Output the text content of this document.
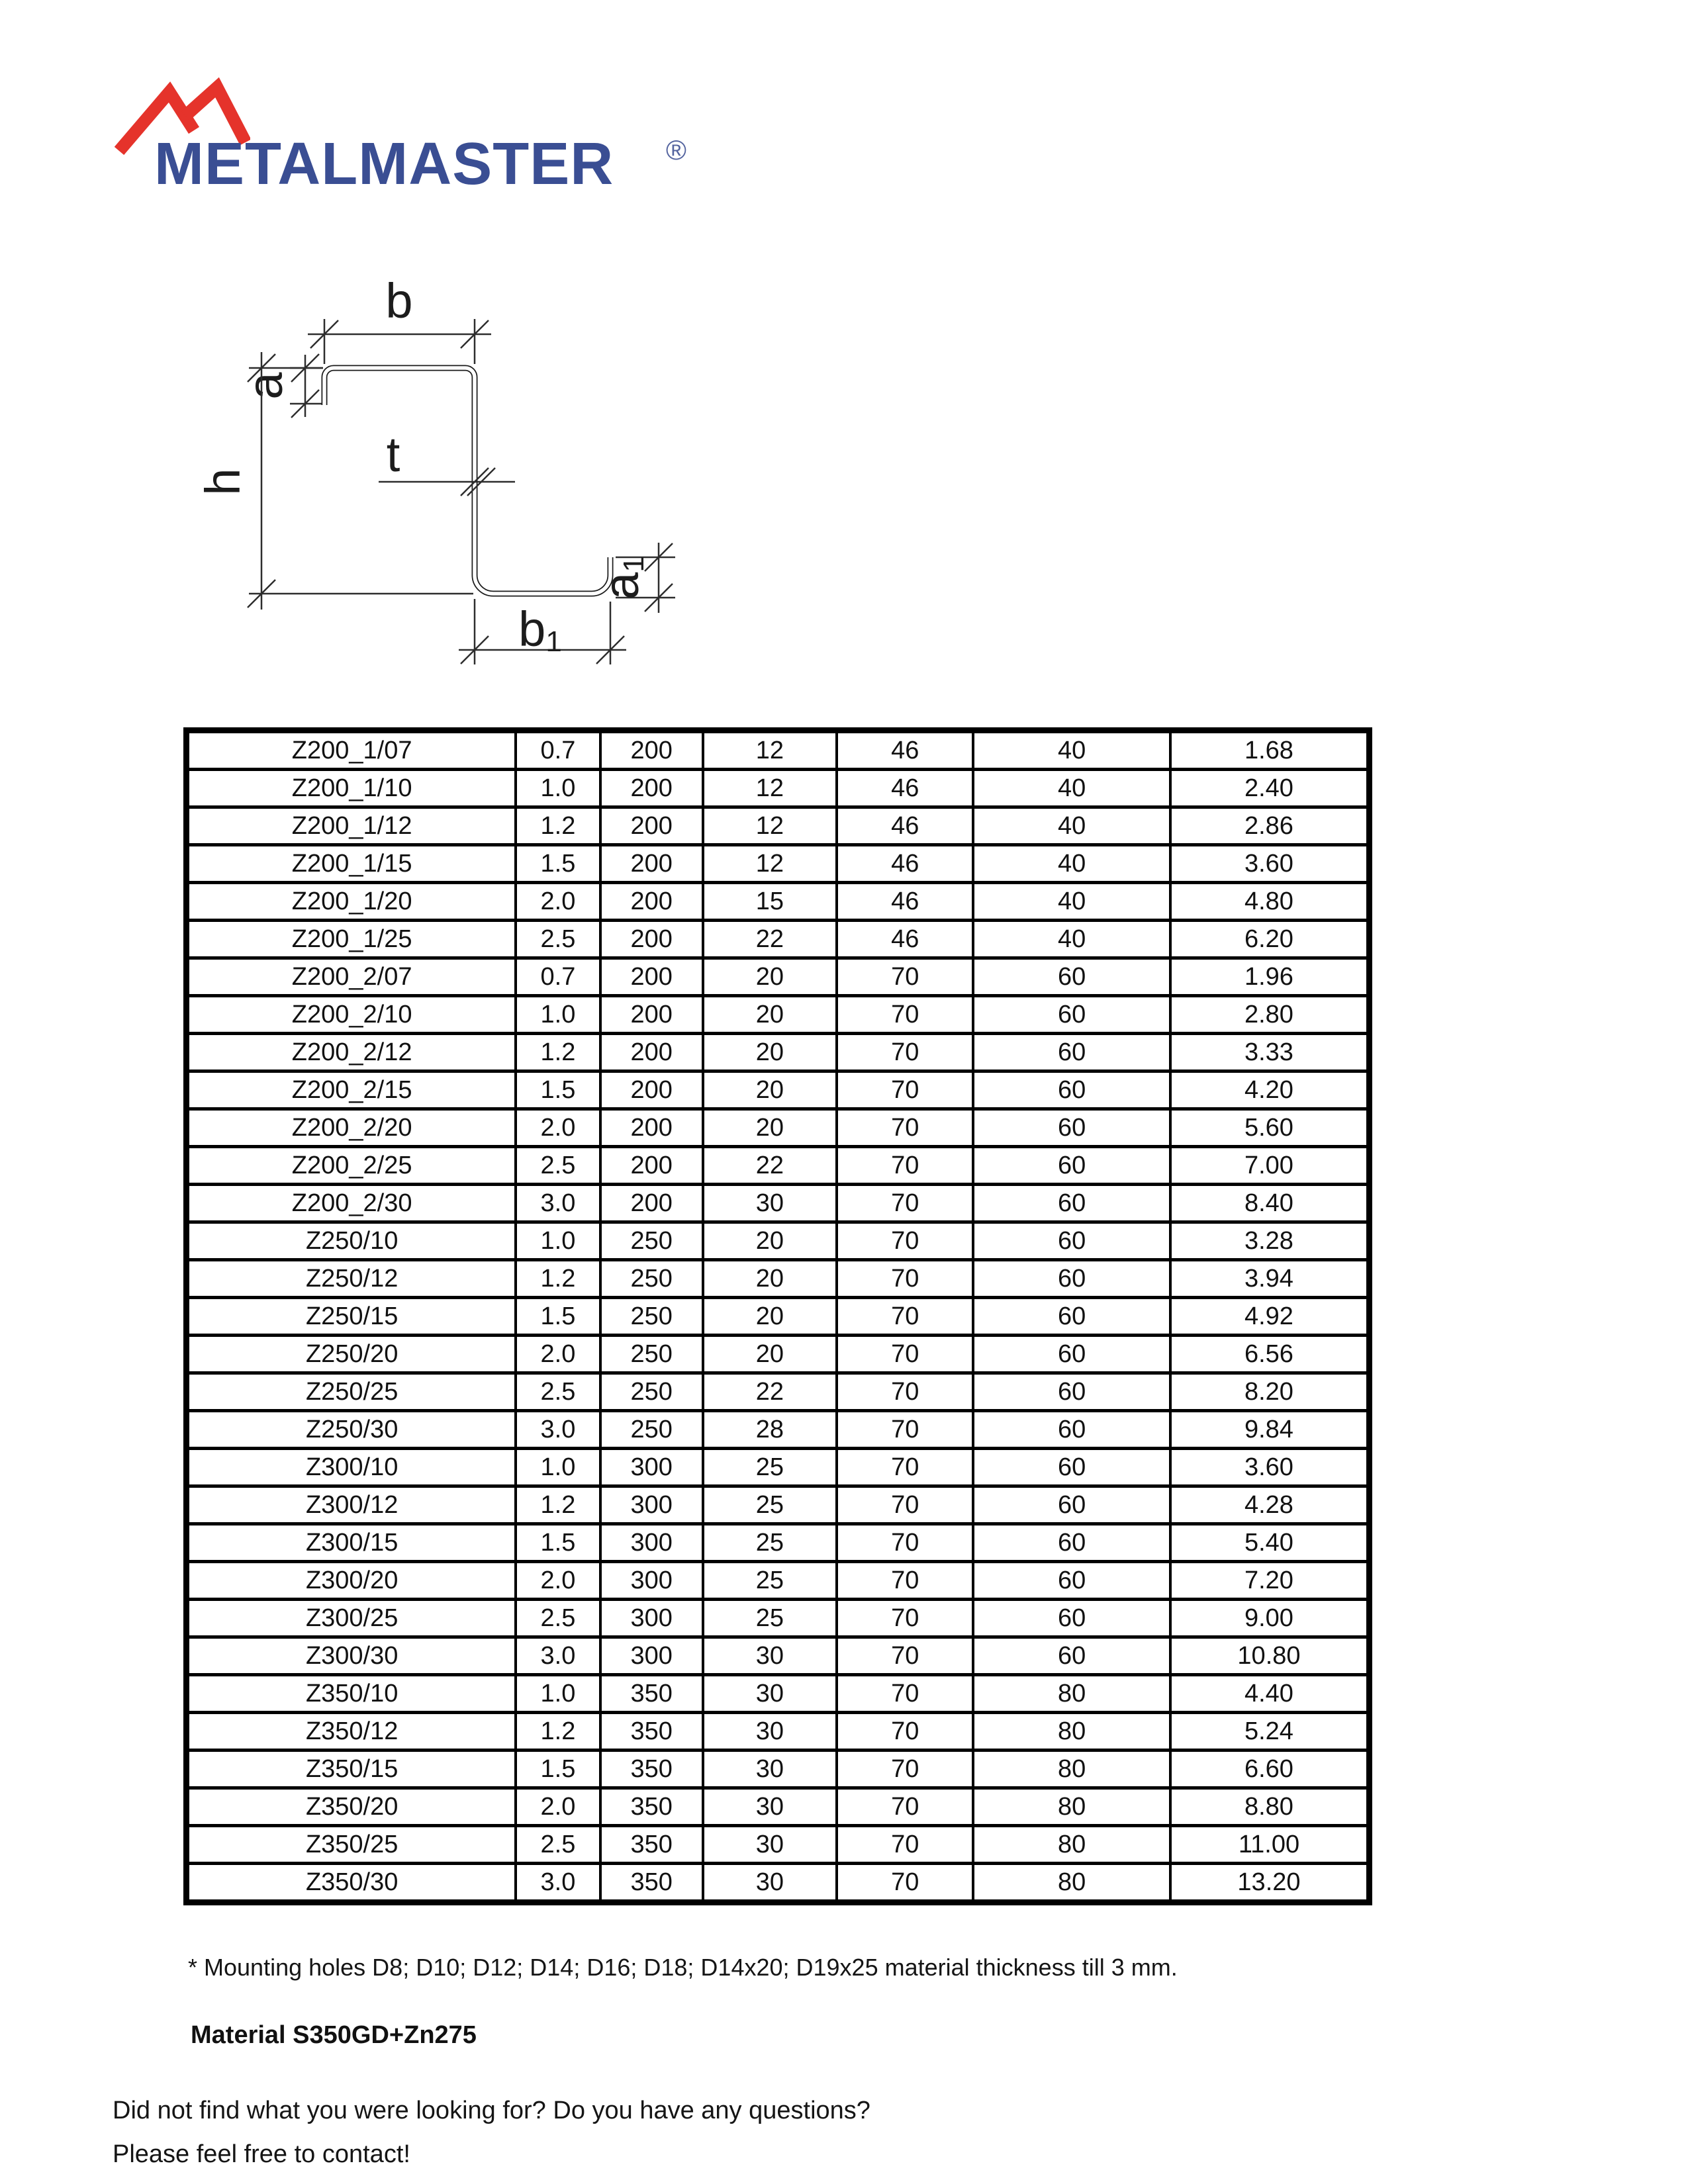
METALMASTER ®
b
a
h	t
a1
b1
Z200_1/07	0.7	200	12	46	40	1.68
Z200_1/10	1.0	200	12	46	40	2.40
Z200_1/12	1.2	200	12	46	40	2.86
Z200_1/15	1.5	200	12	46	40	3.60
Z200_1/20	2.0	200	15	46	40	4.80
Z200_1/25	2.5	200	22	46	40	6.20
Z200_2/07	0.7	200	20	70	60	1.96
Z200_2/10	1.0	200	20	70	60	2.80
Z200_2/12	1.2	200	20	70	60	3.33
Z200_2/15	1.5	200	20	70	60	4.20
Z200_2/20	2.0	200	20	70	60	5.60
Z200_2/25	2.5	200	22	70	60	7.00
Z200_2/30	3.0	200	30	70	60	8.40
Z250/10	1.0	250	20	70	60	3.28
Z250/12	1.2	250	20	70	60	3.94
Z250/15	1.5	250	20	70	60	4.92
Z250/20	2.0	250	20	70	60	6.56
Z250/25	2.5	250	22	70	60	8.20
Z250/30	3.0	250	28	70	60	9.84
Z300/10	1.0	300	25	70	60	3.60
Z300/12	1.2	300	25	70	60	4.28
Z300/15	1.5	300	25	70	60	5.40
Z300/20	2.0	300	25	70	60	7.20
Z300/25	2.5	300	25	70	60	9.00
Z300/30	3.0	300	30	70	60	10.80
Z350/10	1.0	350	30	70	80	4.40
Z350/12	1.2	350	30	70	80	5.24
Z350/15	1.5	350	30	70	80	6.60
Z350/20	2.0	350	30	70	80	8.80
Z350/25	2.5	350	30	70	80	11.00
Z350/30	3.0	350	30	70	80	13.20
* Mounting holes D8; D10; D12; D14; D16; D18; D14x20; D19x25 material thickness till 3 mm.
Material S350GD+Zn275
Did not find what you were looking for? Do you have any questions?
Please feel free to contact!
